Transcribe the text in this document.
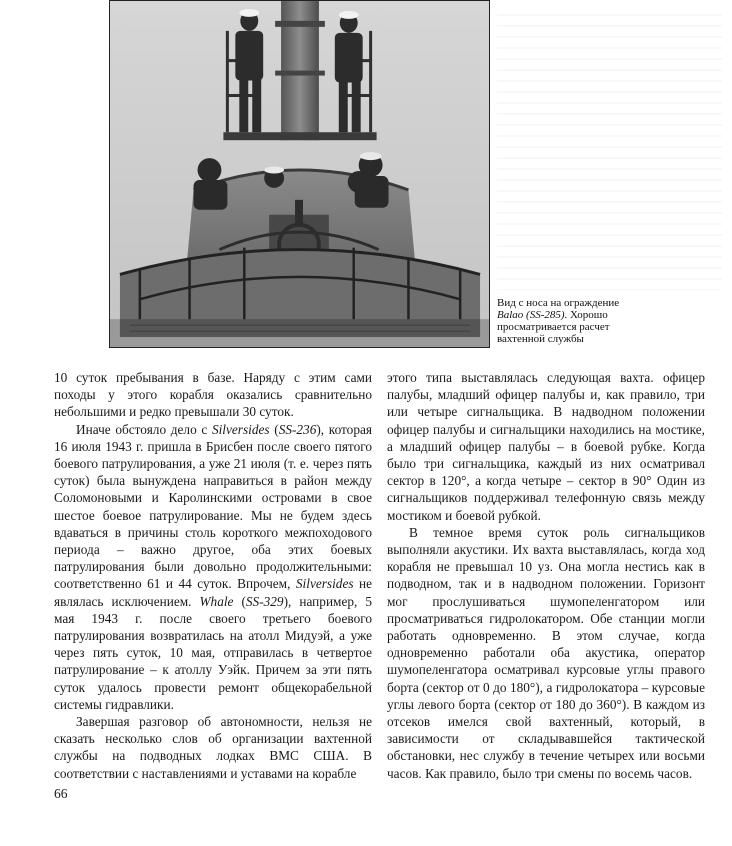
Вид с носа на ограждение

Balao (SS-285). Хорошо

просматривается расчет

вахтенной службы

10 суток пребывания в базе. Наряду с этим сами походы у этого корабля оказались сравнительно небольшими и редко превышали 30 суток.

Иначе обстояло дело с Silversides (SS-236), которая 16 июля 1943 г. пришла в Брисбен после своего пятого боевого патрулирования, а уже 21 июля (т. е. через пять суток) была вынуждена направиться в район между Соломоновыми и Каролинскими островами в свое шестое боевое патрулирование. Мы не будем здесь вдаваться в причины столь короткого межпоходового периода – важно другое, оба этих боевых патрулирования были довольно продолжительными: соответственно 61 и 44 суток. Впрочем, Silversides не являлась исключением. Whale (SS-329), например, 5 мая 1943 г. после своего третьего боевого патрулирования возвратилась на атолл Мидуэй, а уже через пять суток, 10 мая, отправилась в четвертое патрулирование – к атоллу Уэйк. Причем за эти пять суток удалось провести ремонт общекорабельной системы гидравлики.

Завершая разговор об автономности, нельзя не сказать несколько слов об организации вахтенной службы на подводных лодках ВМС США. В соответствии с наставлениями и уставами на корабле

этого типа выставлялась следующая вахта. офицер палубы, младший офицер палубы и, как правило, три или четыре сигнальщика. В надводном положении офицер палубы и сигнальщики находились на мостике, а младший офицер палубы – в боевой рубке. Когда было три сигнальщика, каждый из них осматривал сектор в 120°, а когда четыре – сектор в 90° Один из сигнальщиков поддерживал телефонную связь между мостиком и боевой рубкой.

В темное время суток роль сигнальщиков выполняли акустики. Их вахта выставлялась, когда ход корабля не превышал 10 уз. Она могла нестись как в подводном, так и в надводном положении. Горизонт мог прослушиваться шумопеленгатором или просматриваться гидролокатором. Обе станции могли работать одновременно. В этом случае, когда одновременно работали оба акустика, оператор шумопеленгатора осматривал курсовые углы правого борта (сектор от 0 до 180°), а гидролокатора – курсовые углы левого борта (сектор от 180 до 360°). В каждом из отсеков имелся свой вахтенный, который, в зависимости от складывавшейся тактической обстановки, нес службу в течение четырех или восьми часов. Как правило, было три смены по восемь часов.

66
